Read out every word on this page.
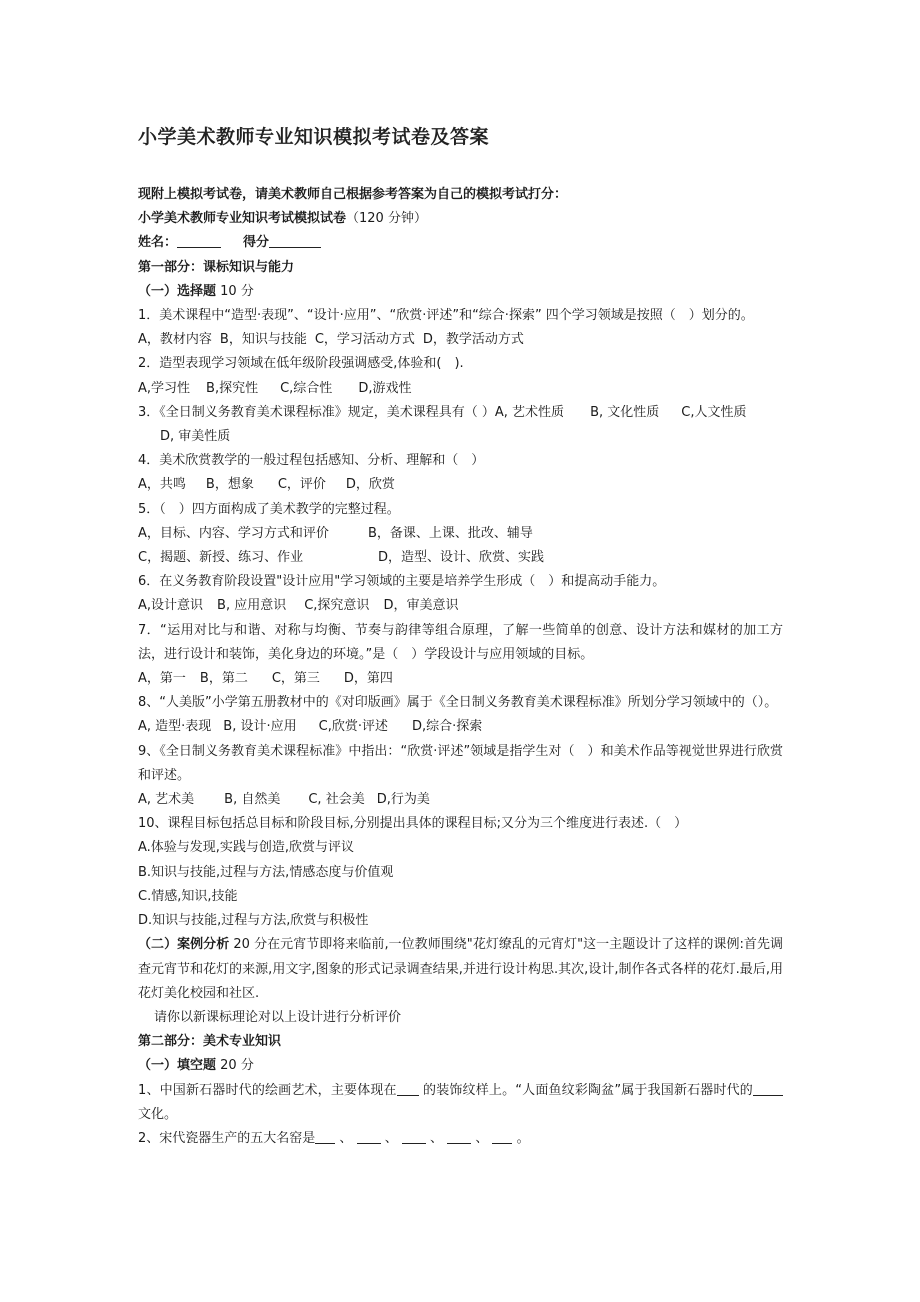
小学美术教师专业知识模拟考试卷及答案
现附上模拟考试卷，请美术教师自己根据参考答案为自己的模拟考试打分：
小学美术教师专业知识考试模拟试卷（120 分钟）
姓名：	得分
第一部分：课标知识与能力
（一）选择题 10 分
1．美术课程中“造型·表现”、“设计·应用”、“欣赏·评述”和“综合·探索” 四个学习领域是按照（　）划分的。
A，教材内容 B，知识与技能 C，学习活动方式 D，教学活动方式
2．造型表现学习领域在低年级阶段强调感受,体验和(　).
A,学习性 B,探究性 C,综合性 D,游戏性
3．《全日制义务教育美术课程标准》规定，美术课程具有（ ）A, 艺术性质 B, 文化性质 C,人文性质
D, 审美性质
4．美术欣赏教学的一般过程包括感知、分析、理解和（　）
A，共鸣 B，想象 C，评价 D，欣赏
5．（　）四方面构成了美术教学的完整过程。
A，目标、内容、学习方式和评价	B，备课、上课、批改、辅导
C，揭题、新授、练习、作业	D，造型、设计、欣赏、实践
6．在义务教育阶段设置"设计应用"学习领域的主要是培养学生形成（　）和提高动手能力。
A,设计意识 B, 应用意识 C,探究意识 D，审美意识
7．“运用对比与和谐、对称与均衡、节奏与韵律等组合原理，了解一些简单的创意、设计方法和媒材的加工方法，进行设计和装饰，美化身边的环境。”是（　）学段设计与应用领域的目标。
A，第一 B，第二 C，第三 D，第四
8、“人美版”小学第五册教材中的《对印版画》属于《全日制义务教育美术课程标准》所划分学习领域中的（）。
A, 造型·表现 B, 设计·应用 C,欣赏·评述 D,综合·探索
9、《全日制义务教育美术课程标准》中指出：“欣赏·评述”领域是指学生对（　）和美术作品等视觉世界进行欣赏和评述。
A, 艺术美 B, 自然美 C, 社会美 D,行为美
10、课程目标包括总目标和阶段目标,分别提出具体的课程目标;又分为三个维度进行表述.（　）
A.体验与发现,实践与创造,欣赏与评议
B.知识与技能,过程与方法,情感态度与价值观
C.情感,知识,技能
D.知识与技能,过程与方法,欣赏与积极性
（二）案例分析 20 分在元宵节即将来临前,一位教师围绕"花灯缭乱的元宵灯"这一主题设计了这样的课例:首先调查元宵节和花灯的来源,用文字,图象的形式记录调查结果,并进行设计构思.其次,设计,制作各式各样的花灯.最后,用花灯美化校园和社区.
请你以新课标理论对以上设计进行分析评价
第二部分：美术专业知识
（一）填空题 20 分
1、中国新石器时代的绘画艺术，主要体现在 的装饰纹样上。“人面鱼纹彩陶盆”属于我国新石器时代的文化。
2、宋代瓷器生产的五大名窑是 、 、 、 、 。
